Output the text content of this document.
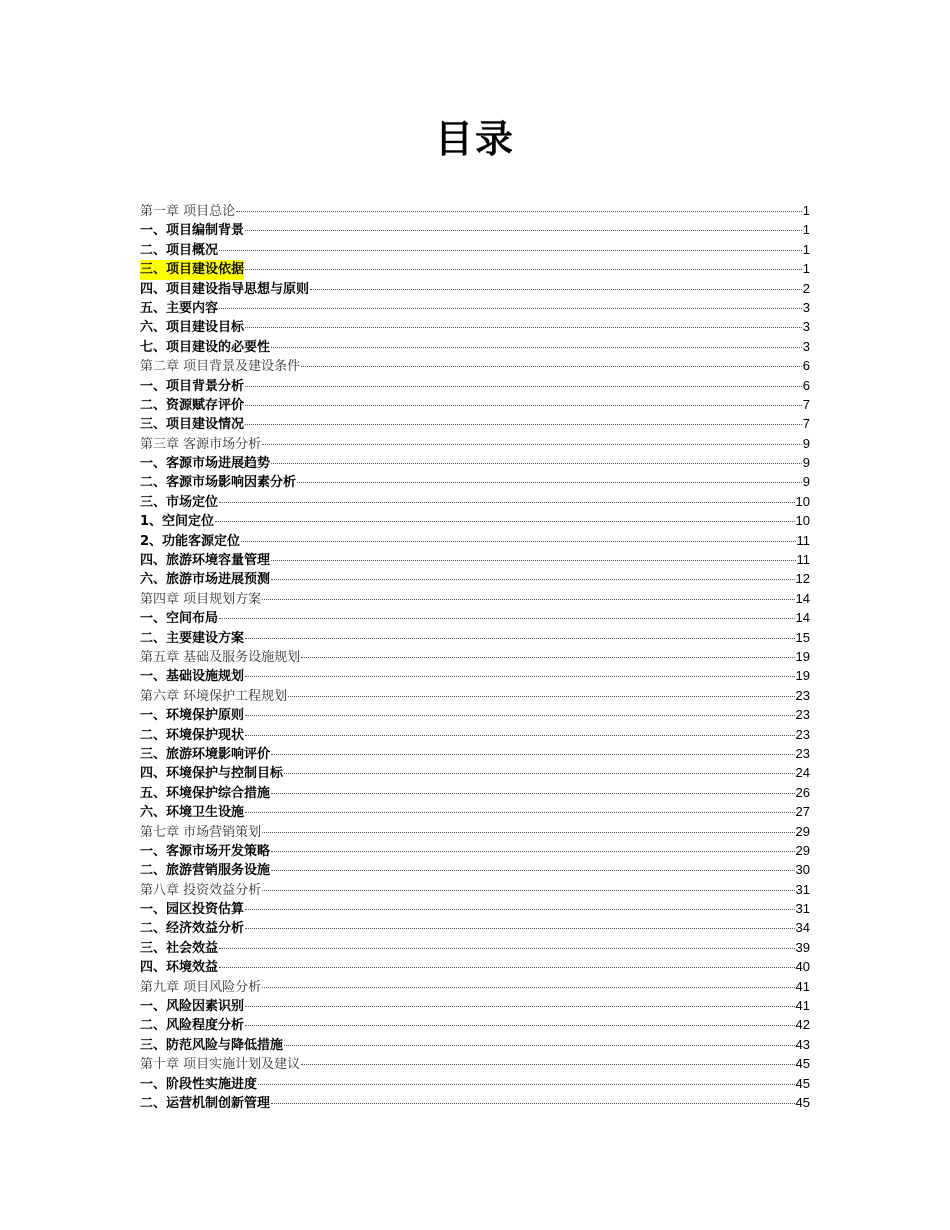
目录
第一章 项目总论	1
一、项目编制背景	1
二、项目概况	1
三、项目建设依据	1
四、项目建设指导思想与原则	2
五、主要内容	3
六、项目建设目标	3
七、项目建设的必要性	3
第二章 项目背景及建设条件	6
一、项目背景分析	6
二、资源赋存评价	7
三、项目建设情况	7
第三章 客源市场分析	9
一、客源市场进展趋势	9
二、客源市场影响因素分析	9
三、市场定位	10
1、空间定位	10
2、功能客源定位	11
四、旅游环境容量管理	11
六、旅游市场进展预测	12
第四章 项目规划方案	14
一、空间布局	14
二、主要建设方案	15
第五章 基础及服务设施规划	19
一、基础设施规划	19
第六章 环境保护工程规划	23
一、环境保护原则	23
二、环境保护现状	23
三、旅游环境影响评价	23
四、环境保护与控制目标	24
五、环境保护综合措施	26
六、环境卫生设施	27
第七章 市场营销策划	29
一、客源市场开发策略	29
二、旅游营销服务设施	30
第八章 投资效益分析	31
一、园区投资估算	31
二、经济效益分析	34
三、社会效益	39
四、环境效益	40
第九章 项目风险分析	41
一、风险因素识别	41
二、风险程度分析	42
三、防范风险与降低措施	43
第十章 项目实施计划及建议	45
一、阶段性实施进度	45
二、运营机制创新管理	45
